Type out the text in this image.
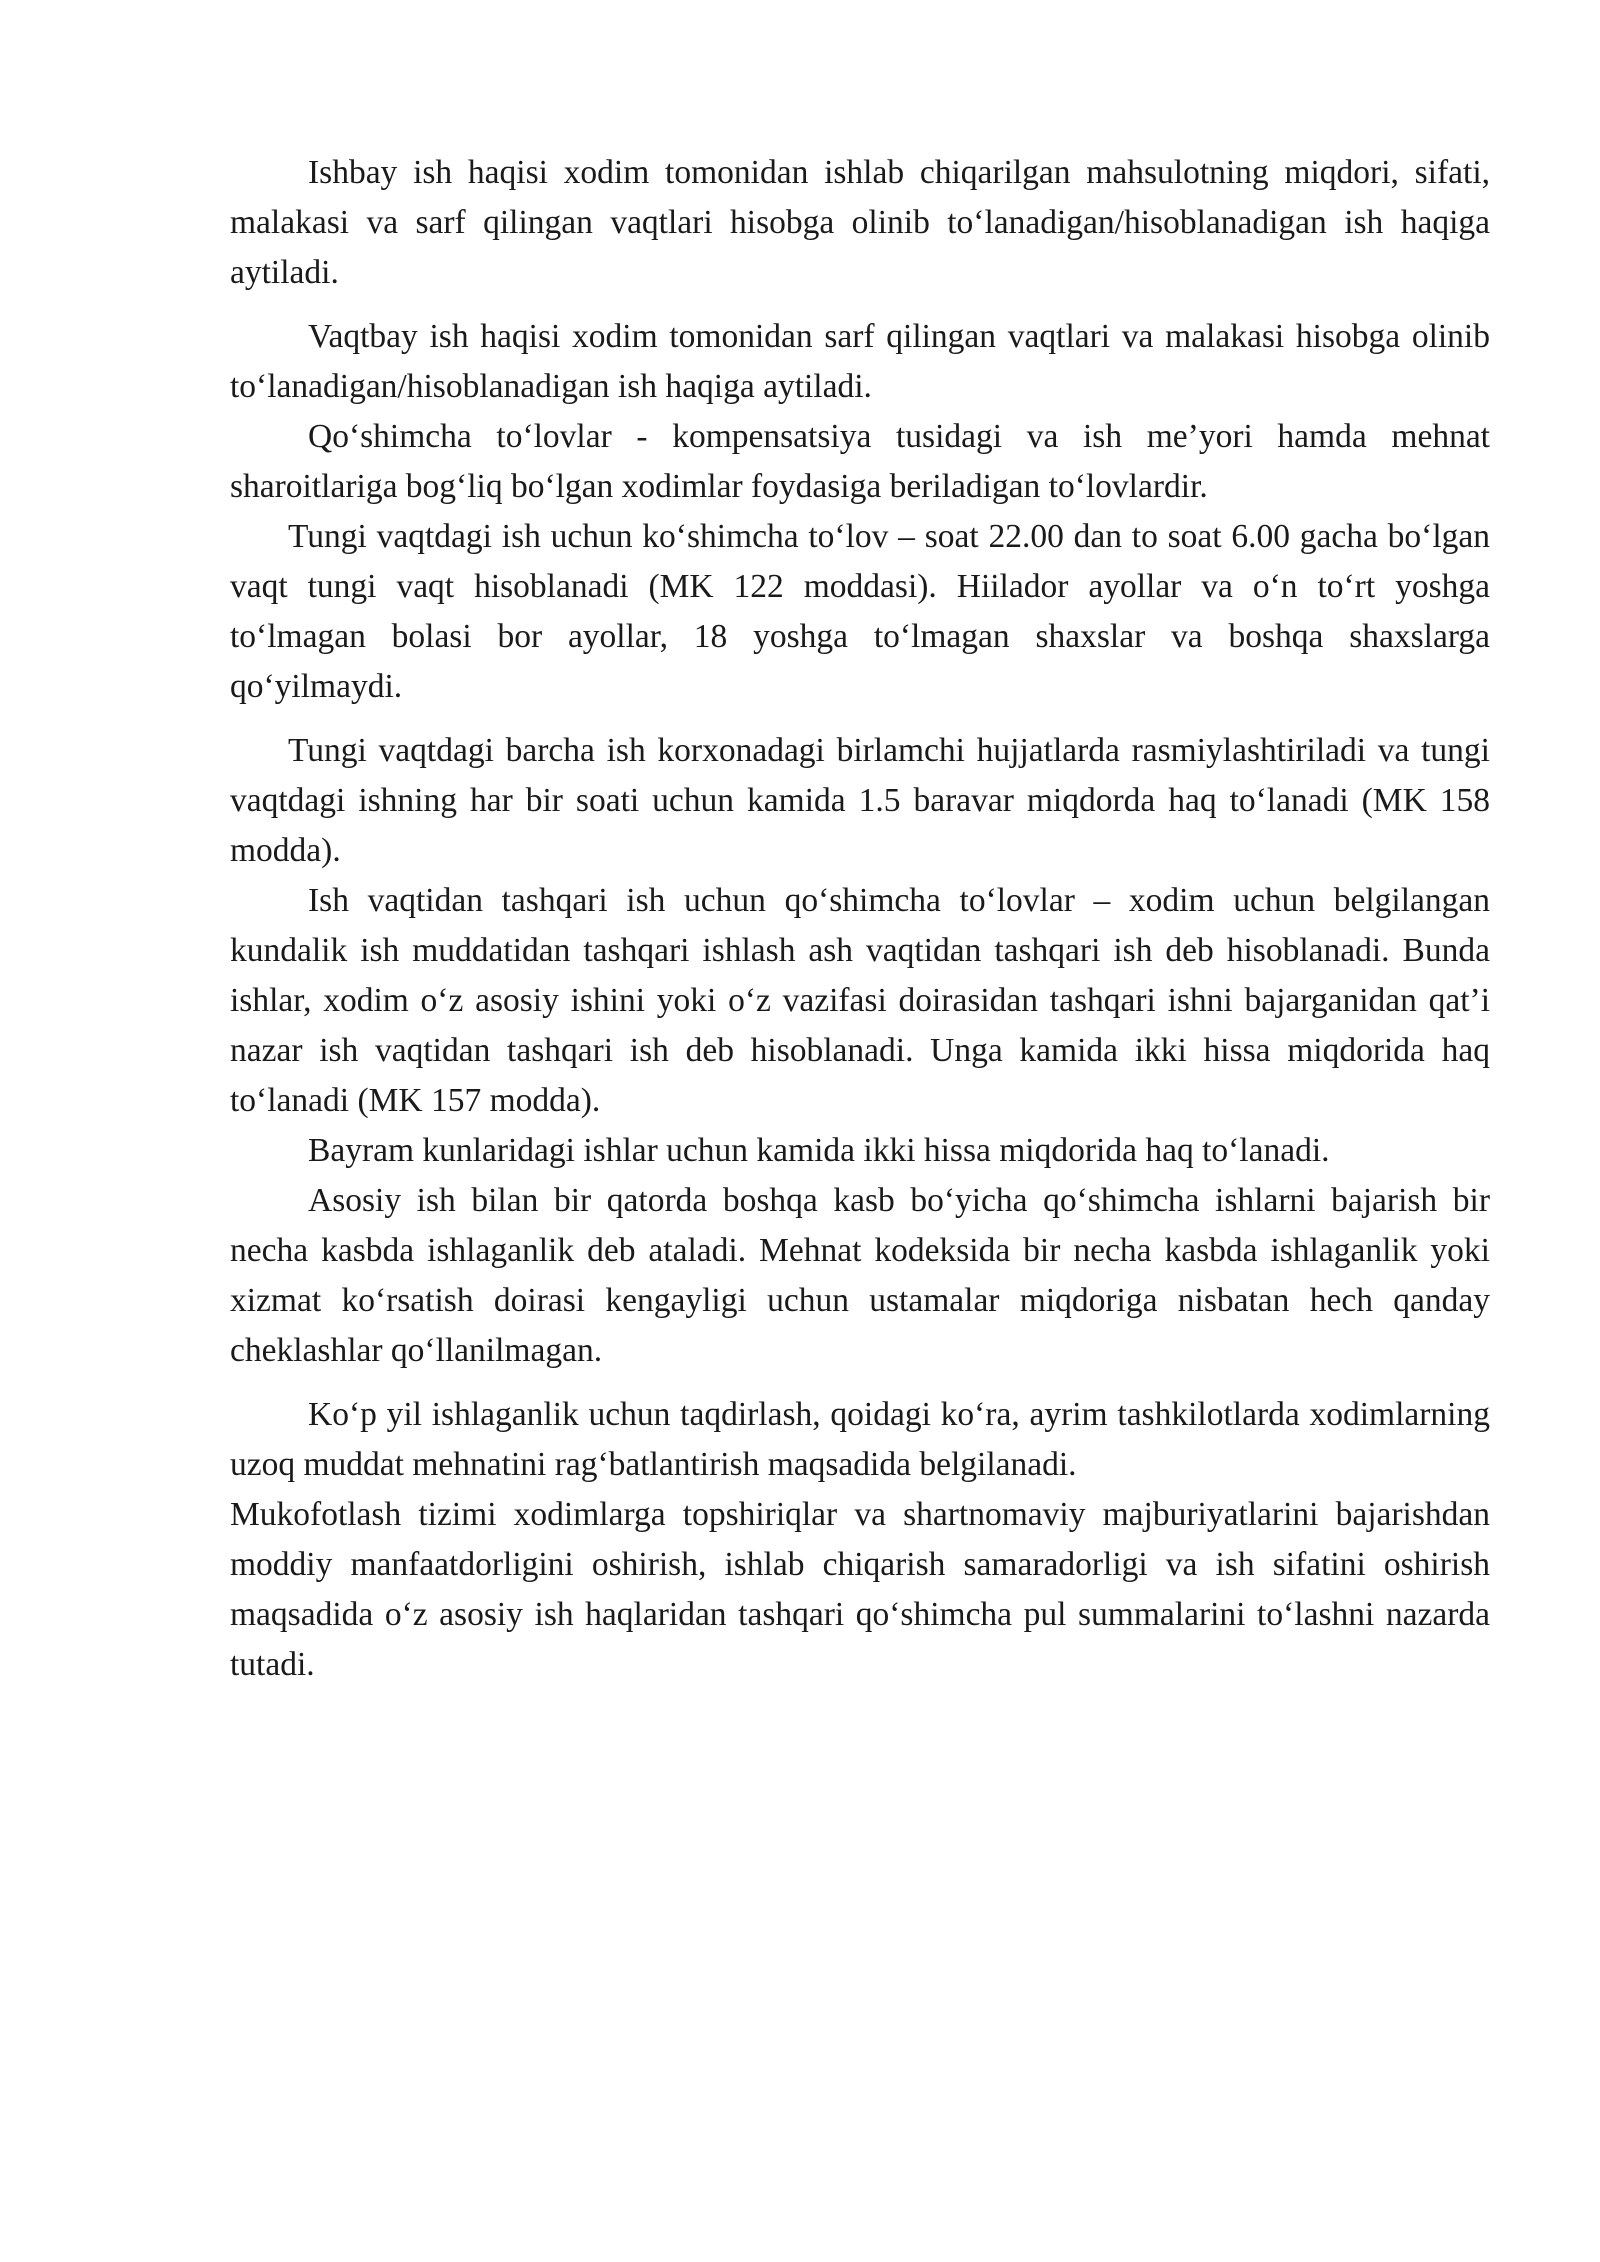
Ishbay ish haqisi xodim tomonidan ishlab chiqarilgan mahsulotning miqdori, sifati, malakasi va sarf qilingan vaqtlari hisobga olinib to‘lanadigan/hisoblanadigan ish haqiga aytiladi.

Vaqtbay ish haqisi xodim tomonidan sarf qilingan vaqtlari va malakasi hisobga olinib to‘lanadigan/hisoblanadigan ish haqiga aytiladi.

Qo‘shimcha to‘lovlar - kompensatsiya tusidagi va ish me’yori hamda mehnat sharoitlariga bog‘liq bo‘lgan xodimlar foydasiga beriladigan to‘lovlardir.

Tungi vaqtdagi ish uchun ko‘shimcha to‘lov – soat 22.00 dan to soat 6.00 gacha bo‘lgan vaqt tungi vaqt hisoblanadi (MK 122 moddasi). Hiilador ayollar va o‘n to‘rt yoshga to‘lmagan bolasi bor ayollar, 18 yoshga to‘lmagan shaxslar va boshqa shaxslarga qo‘yilmaydi.

Tungi vaqtdagi barcha ish korxonadagi birlamchi hujjatlarda rasmiylashtiriladi va tungi vaqtdagi ishning har bir soati uchun kamida 1.5 baravar miqdorda haq to‘lanadi (MK 158 modda).

Ish vaqtidan tashqari ish uchun qo‘shimcha to‘lovlar – xodim uchun belgilangan kundalik ish muddatidan tashqari ishlash ash vaqtidan tashqari ish deb hisoblanadi. Bunda ishlar, xodim o‘z asosiy ishini yoki o‘z vazifasi doirasidan tashqari ishni bajarganidan qat’i nazar ish vaqtidan tashqari ish deb hisoblanadi. Unga kamida ikki hissa miqdorida haq to‘lanadi (MK 157 modda).

Bayram kunlaridagi ishlar uchun kamida ikki hissa miqdorida haq to‘lanadi.

Asosiy ish bilan bir qatorda boshqa kasb bo‘yicha qo‘shimcha ishlarni bajarish bir necha kasbda ishlaganlik deb ataladi. Mehnat kodeksida bir necha kasbda ishlaganlik yoki xizmat ko‘rsatish doirasi kengayligi uchun ustamalar miqdoriga nisbatan hech qanday cheklashlar qo‘llanilmagan.

Ko‘p yil ishlaganlik uchun taqdirlash, qoidagi ko‘ra, ayrim tashkilotlarda xodimlarning uzoq muddat mehnatini rag‘batlantirish maqsadida belgilanadi.

Mukofotlash tizimi xodimlarga topshiriqlar va shartnomaviy majburiyatlarini bajarishdan moddiy manfaatdorligini oshirish, ishlab chiqarish samaradorligi va ish sifatini oshirish maqsadida o‘z asosiy ish haqlaridan tashqari qo‘shimcha pul summalarini to‘lashni nazarda tutadi.
